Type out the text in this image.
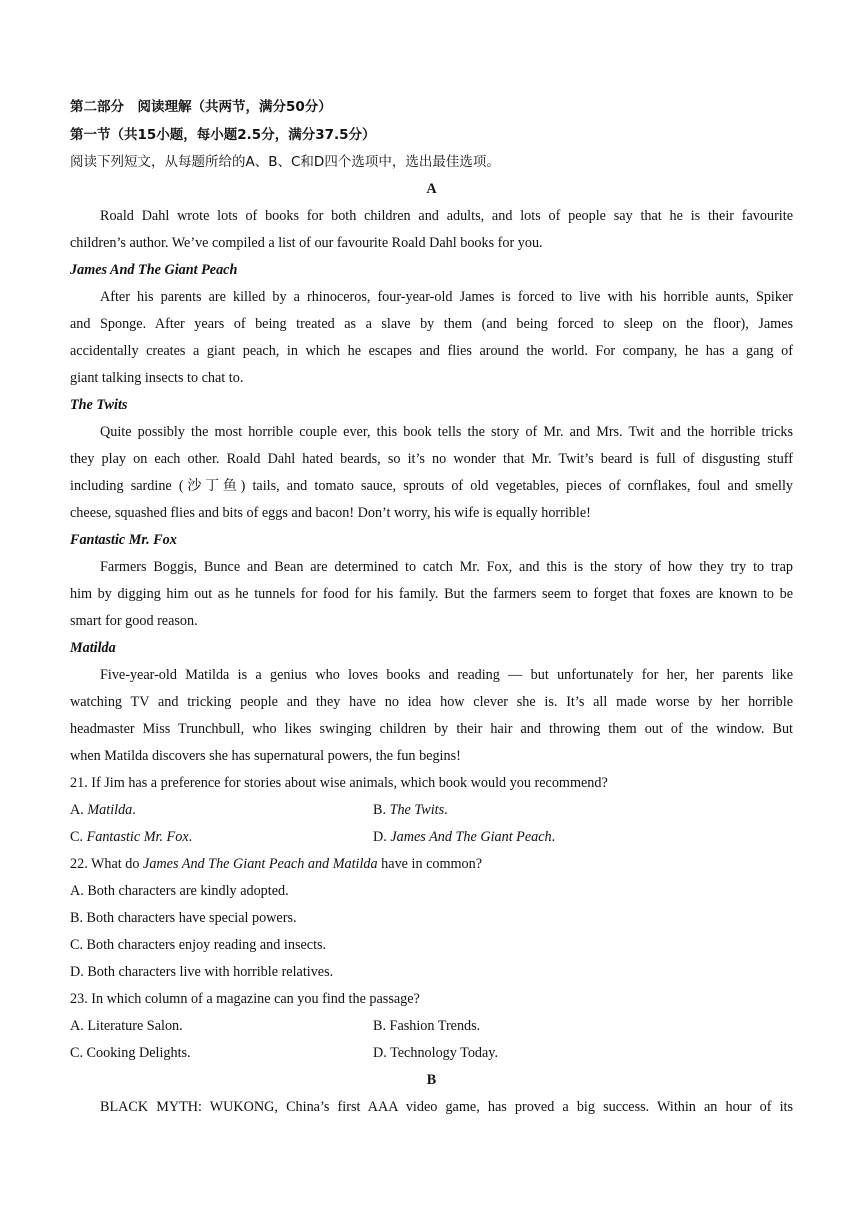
第二部分　阅读理解（共两节，满分50分）
第一节（共15小题，每小题2.5分，满分37.5分）
阅读下列短文，从每题所给的A、B、C和D四个选项中，选出最佳选项。
A
Roald Dahl wrote lots of books for both children and adults, and lots of people say that he is their favourite
children’s author. We’ve compiled a list of our favourite Roald Dahl books for you.
James And The Giant Peach
After his parents are killed by a rhinoceros, four-year-old James is forced to live with his horrible aunts, Spiker
and Sponge. After years of being treated as a slave by them (and being forced to sleep on the floor), James
accidentally creates a giant peach, in which he escapes and flies around the world. For company, he has a gang of
giant talking insects to chat to.
The Twits
Quite possibly the most horrible couple ever, this book tells the story of Mr. and Mrs. Twit and the horrible tricks
they play on each other. Roald Dahl hated beards, so it’s no wonder that Mr. Twit’s beard is full of disgusting stuff
including sardine (沙丁鱼) tails, and tomato sauce, sprouts of old vegetables, pieces of cornflakes, foul and smelly
cheese, squashed flies and bits of eggs and bacon! Don’t worry, his wife is equally horrible!
Fantastic Mr. Fox
Farmers Boggis, Bunce and Bean are determined to catch Mr. Fox, and this is the story of how they try to trap
him by digging him out as he tunnels for food for his family. But the farmers seem to forget that foxes are known to be
smart for good reason.
Matilda
Five-year-old Matilda is a genius who loves books and reading — but unfortunately for her, her parents like
watching TV and tricking people and they have no idea how clever she is. It’s all made worse by her horrible
headmaster Miss Trunchbull, who likes swinging children by their hair and throwing them out of the window. But
when Matilda discovers she has supernatural powers, the fun begins!
21. If Jim has a preference for stories about wise animals, which book would you recommend?
A. Matilda.	B. The Twits.
C. Fantastic Mr. Fox.	D. James And The Giant Peach.
22. What do James And The Giant Peach and Matilda have in common?
A. Both characters are kindly adopted.
B. Both characters have special powers.
C. Both characters enjoy reading and insects.
D. Both characters live with horrible relatives.
23. In which column of a magazine can you find the passage?
A. Literature Salon.	B. Fashion Trends.
C. Cooking Delights.	D. Technology Today.
B
BLACK MYTH: WUKONG, China’s first AAA video game, has proved a big success. Within an hour of its
